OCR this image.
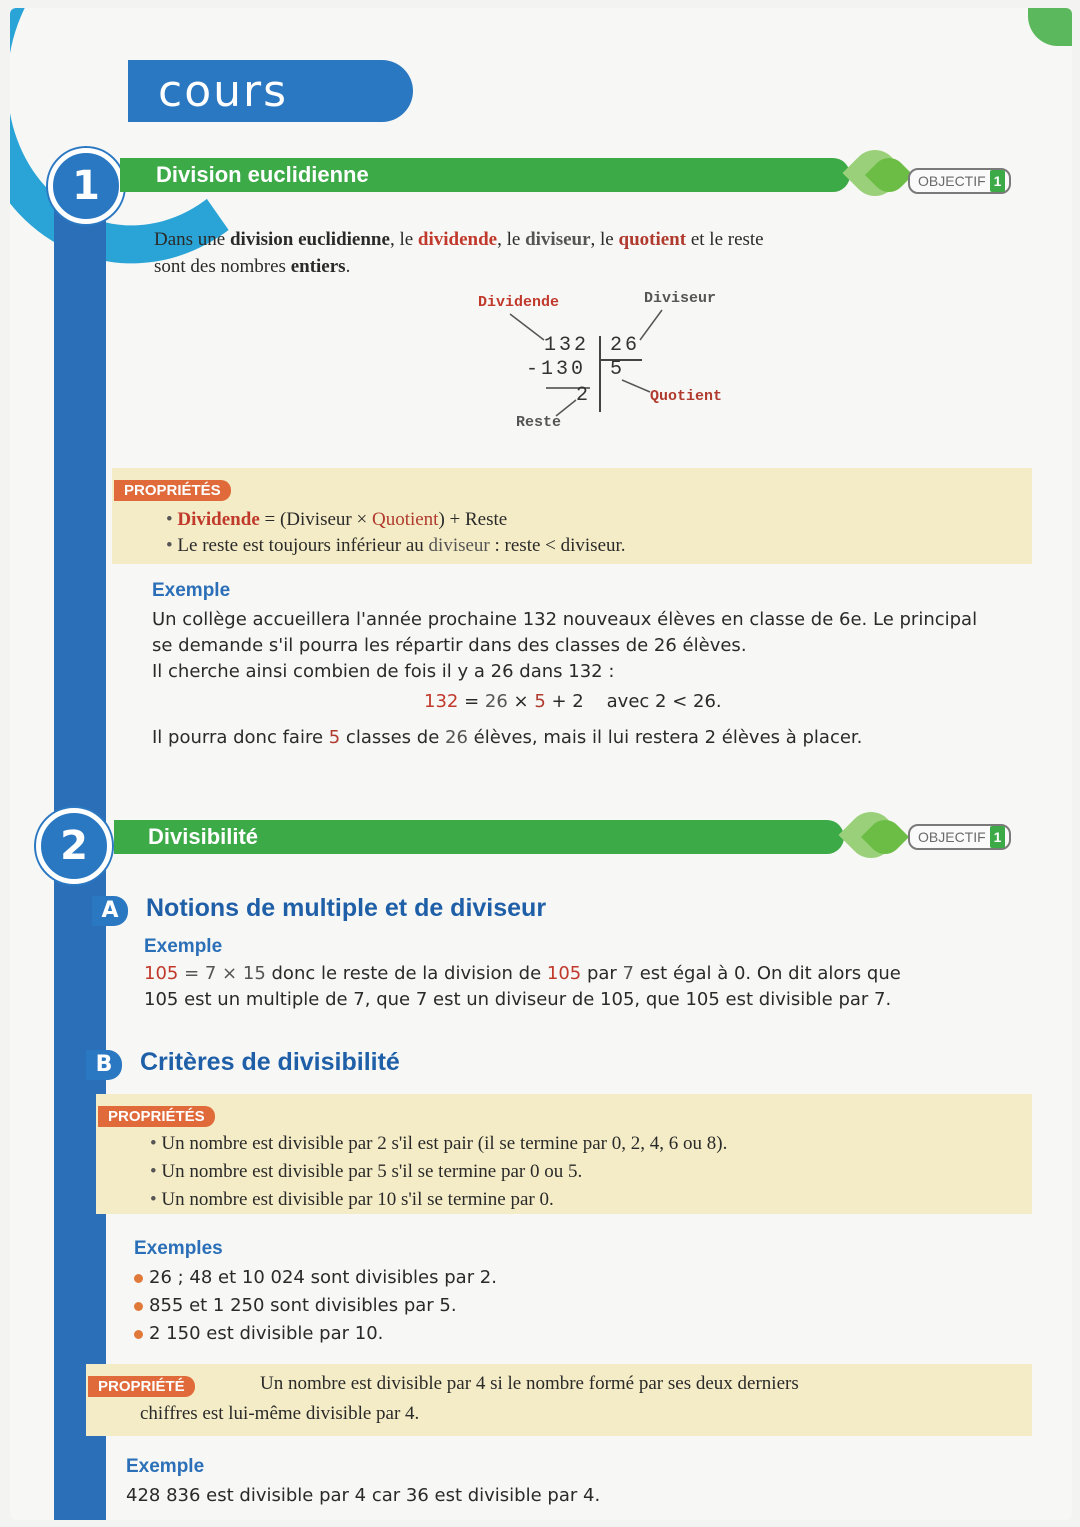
cours
1	Division euclidienne	OBJECTIF 1
Dans une division euclidienne, le dividende, le diviseur, le quotient et le reste
sont des nombres entiers.
Dividende	Diviseur
132 26
-130 5
2	Quotient
Reste
PROPRIÉTÉS
• Dividende = (Diviseur × Quotient) + Reste
• Le reste est toujours inférieur au diviseur : reste < diviseur.
Exemple
Un collège accueillera l'année prochaine 132 nouveaux élèves en classe de 6e. Le principal
se demande s'il pourra les répartir dans des classes de 26 élèves.
Il cherche ainsi combien de fois il y a 26 dans 132 :
132 = 26 × 5 + 2 avec 2 < 26.
Il pourra donc faire 5 classes de 26 élèves, mais il lui restera 2 élèves à placer.
2	Divisibilité	OBJECTIF 1
A	Notions de multiple et de diviseur
Exemple
105 = 7 × 15 donc le reste de la division de 105 par 7 est égal à 0. On dit alors que
105 est un multiple de 7, que 7 est un diviseur de 105, que 105 est divisible par 7.
B	Critères de divisibilité
PROPRIÉTÉS
• Un nombre est divisible par 2 s'il est pair (il se termine par 0, 2, 4, 6 ou 8).
• Un nombre est divisible par 5 s'il se termine par 0 ou 5.
• Un nombre est divisible par 10 s'il se termine par 0.
Exemples
26 ; 48 et 10 024 sont divisibles par 2.
855 et 1 250 sont divisibles par 5.
2 150 est divisible par 10.
PROPRIÉTÉ	Un nombre est divisible par 4 si le nombre formé par ses deux derniers
chiffres est lui-même divisible par 4.
Exemple
428 836 est divisible par 4 car 36 est divisible par 4.
